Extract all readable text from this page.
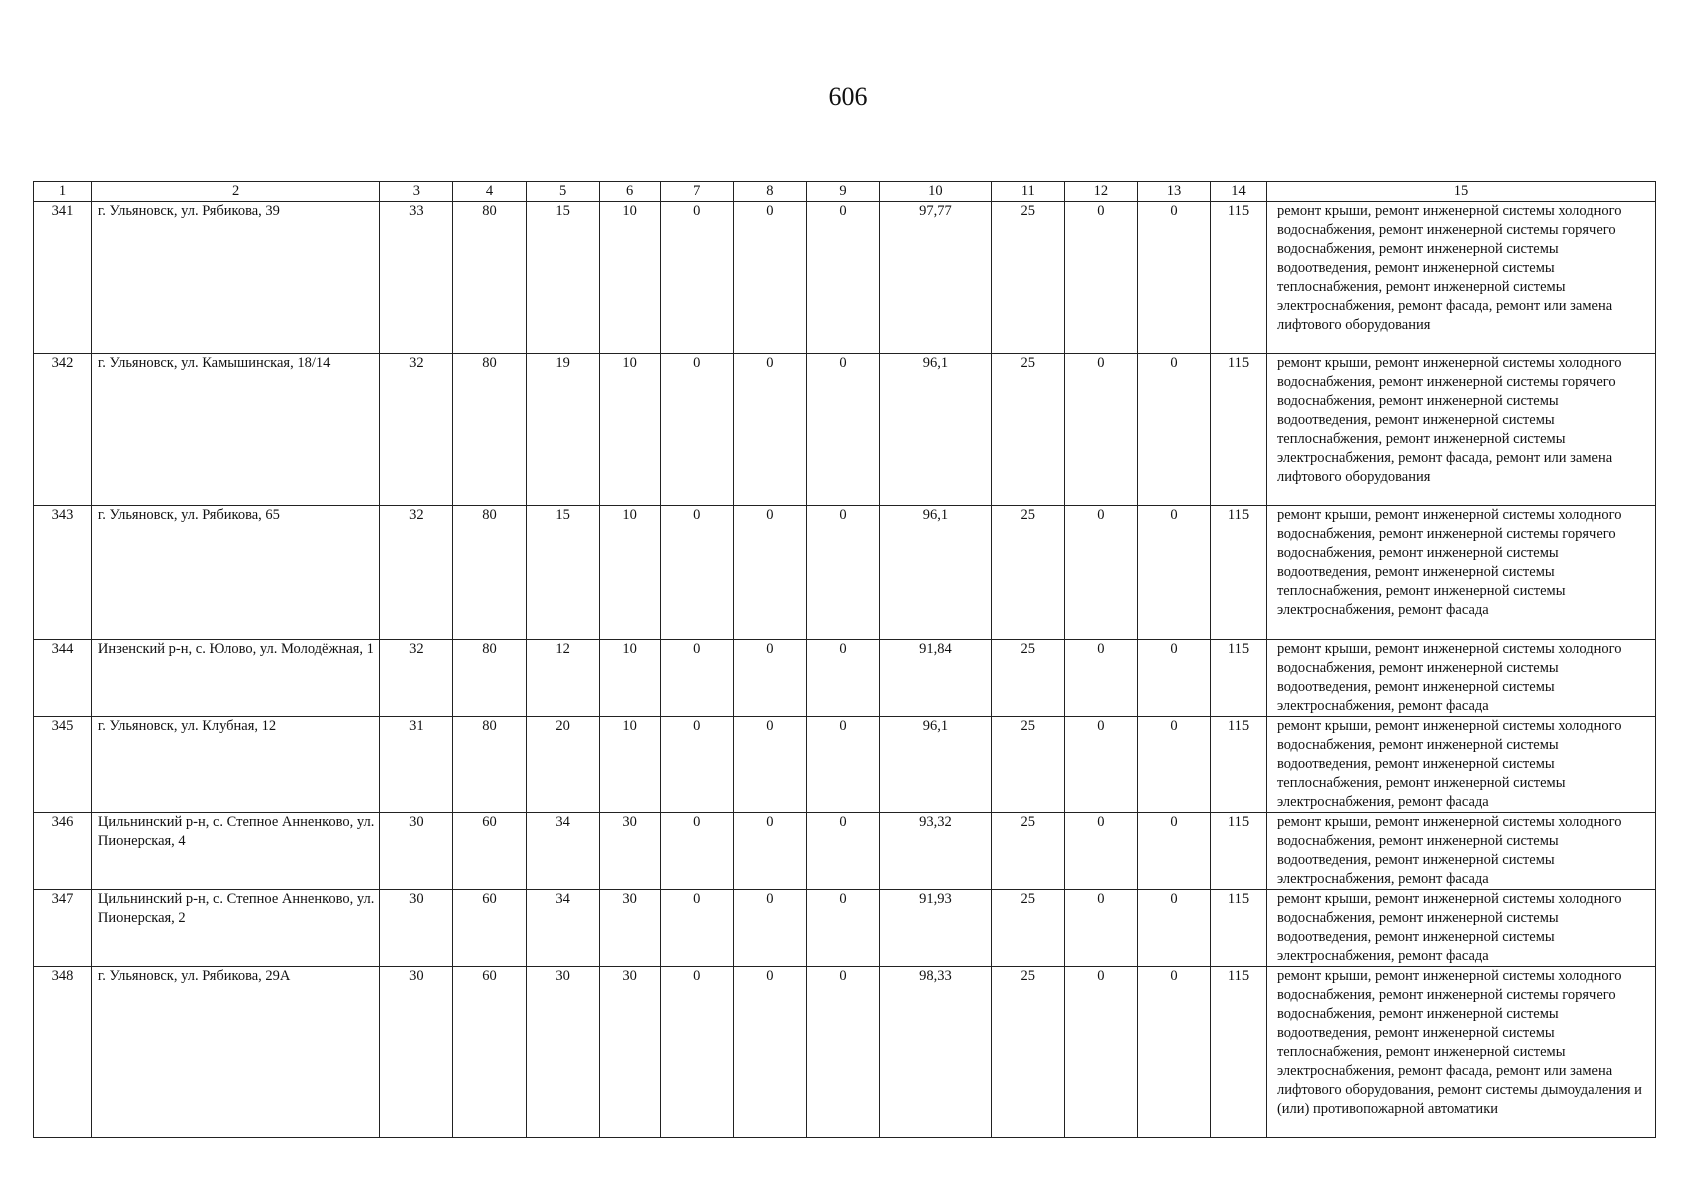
606
1	2	3	4	5	6	7	8	9	10	11	12	13	14	15
341	г. Ульяновск, ул. Рябикова, 39	33	80	15	10	0	0	0	97,77	25	0	0	115	ремонт крыши, ремонт инженерной системы холодного водоснабжения, ремонт инженерной системы горячего водоснабжения, ремонт инженерной системы водоотведения, ремонт инженерной системы теплоснабжения, ремонт инженерной системы электроснабжения, ремонт фасада, ремонт или замена лифтового оборудования
342	г. Ульяновск, ул. Камышинская, 18/14	32	80	19	10	0	0	0	96,1	25	0	0	115	ремонт крыши, ремонт инженерной системы холодного водоснабжения, ремонт инженерной системы горячего водоснабжения, ремонт инженерной системы водоотведения, ремонт инженерной системы теплоснабжения, ремонт инженерной системы электроснабжения, ремонт фасада, ремонт или замена лифтового оборудования
343	г. Ульяновск, ул. Рябикова, 65	32	80	15	10	0	0	0	96,1	25	0	0	115	ремонт крыши, ремонт инженерной системы холодного водоснабжения, ремонт инженерной системы горячего водоснабжения, ремонт инженерной системы водоотведения, ремонт инженерной системы теплоснабжения, ремонт инженерной системы электроснабжения, ремонт фасада
344	Инзенский р-н, с. Юлово, ул. Молодёжная, 1	32	80	12	10	0	0	0	91,84	25	0	0	115	ремонт крыши, ремонт инженерной системы холодного водоснабжения, ремонт инженерной системы водоотведения, ремонт инженерной системы электроснабжения, ремонт фасада
345	г. Ульяновск, ул. Клубная, 12	31	80	20	10	0	0	0	96,1	25	0	0	115	ремонт крыши, ремонт инженерной системы холодного водоснабжения, ремонт инженерной системы водоотведения, ремонт инженерной системы теплоснабжения, ремонт инженерной системы электроснабжения, ремонт фасада
346	Цильнинский р-н, с. Степное Анненково, ул. Пионерская, 4	30	60	34	30	0	0	0	93,32	25	0	0	115	ремонт крыши, ремонт инженерной системы холодного водоснабжения, ремонт инженерной системы водоотведения, ремонт инженерной системы электроснабжения, ремонт фасада
347	Цильнинский р-н, с. Степное Анненково, ул. Пионерская, 2	30	60	34	30	0	0	0	91,93	25	0	0	115	ремонт крыши, ремонт инженерной системы холодного водоснабжения, ремонт инженерной системы водоотведения, ремонт инженерной системы электроснабжения, ремонт фасада
348	г. Ульяновск, ул. Рябикова, 29А	30	60	30	30	0	0	0	98,33	25	0	0	115	ремонт крыши, ремонт инженерной системы холодного водоснабжения, ремонт инженерной системы горячего водоснабжения, ремонт инженерной системы водоотведения, ремонт инженерной системы теплоснабжения, ремонт инженерной системы электроснабжения, ремонт фасада, ремонт или замена лифтового оборудования, ремонт системы дымоудаления и (или) противопожарной автоматики
